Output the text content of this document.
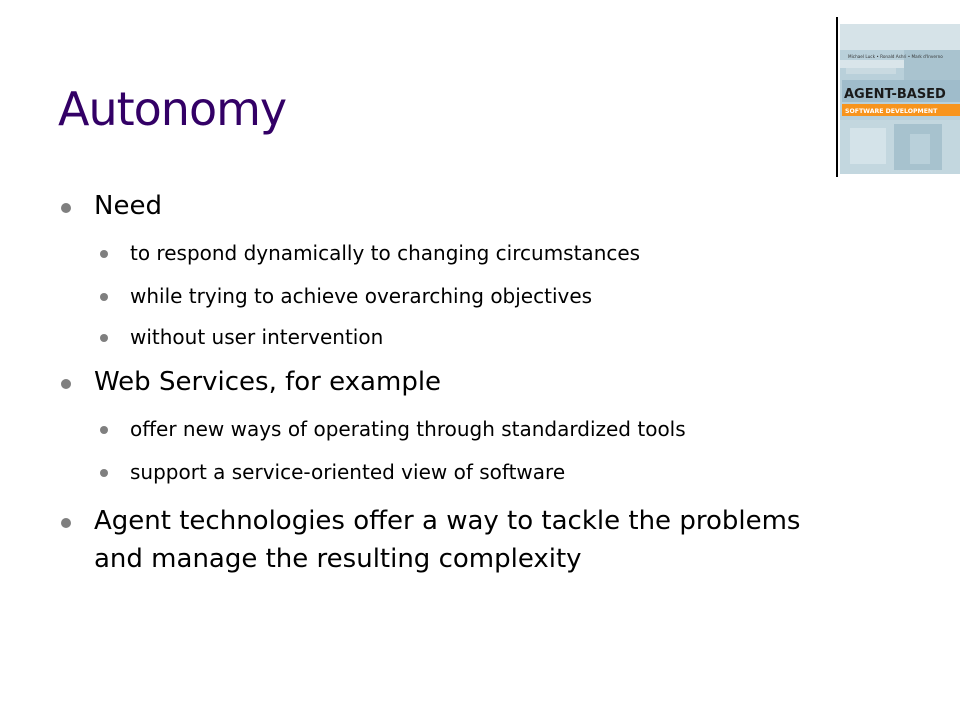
Autonomy
Michael Luck • Ronald Ashri • Mark d'Inverno
AGENT-BASED
SOFTWARE DEVELOPMENT
Need
to respond dynamically to changing circumstances
while trying to achieve overarching objectives
without user intervention
Web Services, for example
offer new ways of operating through standardized tools
support a service-oriented view of software
Agent technologies offer a way to tackle the problems and manage the resulting complexity
